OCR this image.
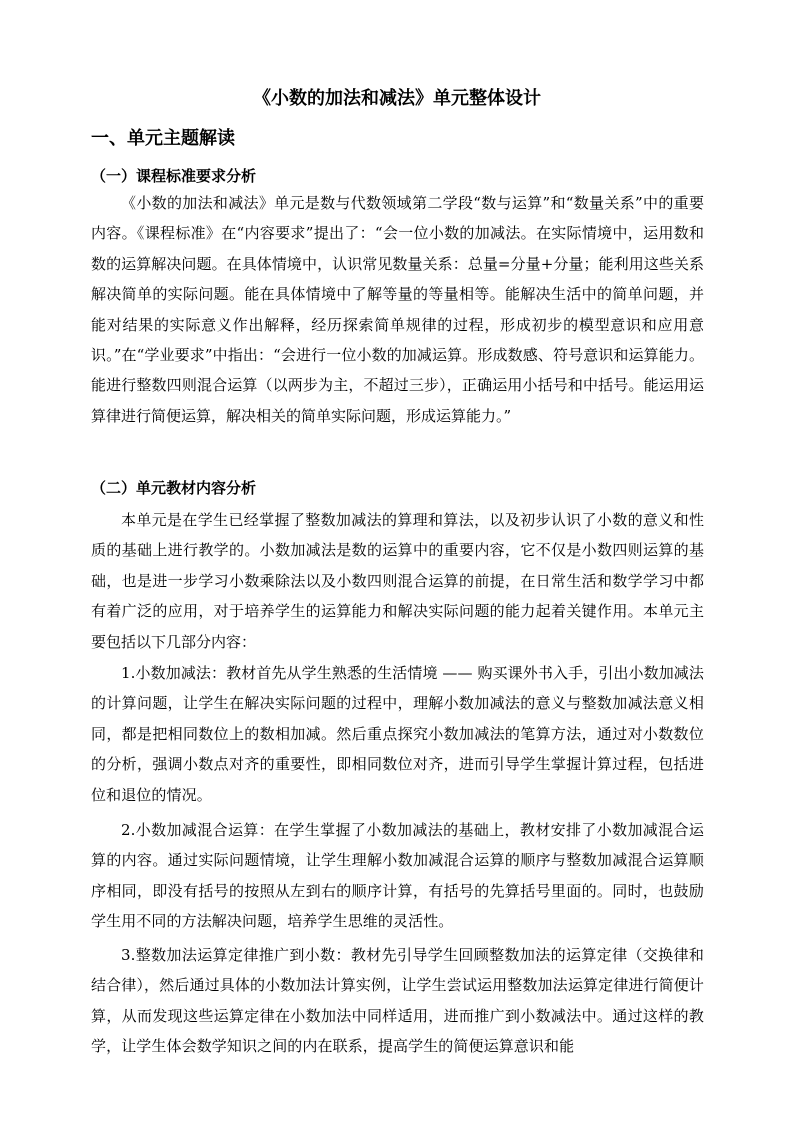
《小数的加法和减法》单元整体设计
一、单元主题解读
（一）课程标准要求分析
《小数的加法和减法》单元是数与代数领域第二学段“数与运算”和“数量关系”中的重要内容。《课程标准》在“内容要求”提出了：“会一位小数的加减法。在实际情境中，运用数和数的运算解决问题。在具体情境中，认识常见数量关系：总量=分量+分量；能利用这些关系解决简单的实际问题。能在具体情境中了解等量的等量相等。能解决生活中的简单问题，并能对结果的实际意义作出解释，经历探索简单规律的过程，形成初步的模型意识和应用意识。”在“学业要求”中指出：“会进行一位小数的加减运算。形成数感、符号意识和运算能力。能进行整数四则混合运算（以两步为主，不超过三步），正确运用小括号和中括号。能运用运算律进行简便运算，解决相关的简单实际问题，形成运算能力。”
（二）单元教材内容分析
本单元是在学生已经掌握了整数加减法的算理和算法，以及初步认识了小数的意义和性质的基础上进行教学的。小数加减法是数的运算中的重要内容，它不仅是小数四则运算的基础，也是进一步学习小数乘除法以及小数四则混合运算的前提，在日常生活和数学学习中都有着广泛的应用，对于培养学生的运算能力和解决实际问题的能力起着关键作用。本单元主要包括以下几部分内容：
1.小数加减法：教材首先从学生熟悉的生活情境 —— 购买课外书入手，引出小数加减法的计算问题，让学生在解决实际问题的过程中，理解小数加减法的意义与整数加减法意义相同，都是把相同数位上的数相加减。然后重点探究小数加减法的笔算方法，通过对小数数位的分析，强调小数点对齐的重要性，即相同数位对齐，进而引导学生掌握计算过程，包括进位和退位的情况。
2.小数加减混合运算：在学生掌握了小数加减法的基础上，教材安排了小数加减混合运算的内容。通过实际问题情境，让学生理解小数加减混合运算的顺序与整数加减混合运算顺序相同，即没有括号的按照从左到右的顺序计算，有括号的先算括号里面的。同时，也鼓励学生用不同的方法解决问题，培养学生思维的灵活性。
3.整数加法运算定律推广到小数：教材先引导学生回顾整数加法的运算定律（交换律和结合律），然后通过具体的小数加法计算实例，让学生尝试运用整数加法运算定律进行简便计算，从而发现这些运算定律在小数加法中同样适用，进而推广到小数减法中。通过这样的教学，让学生体会数学知识之间的内在联系，提高学生的简便运算意识和能
